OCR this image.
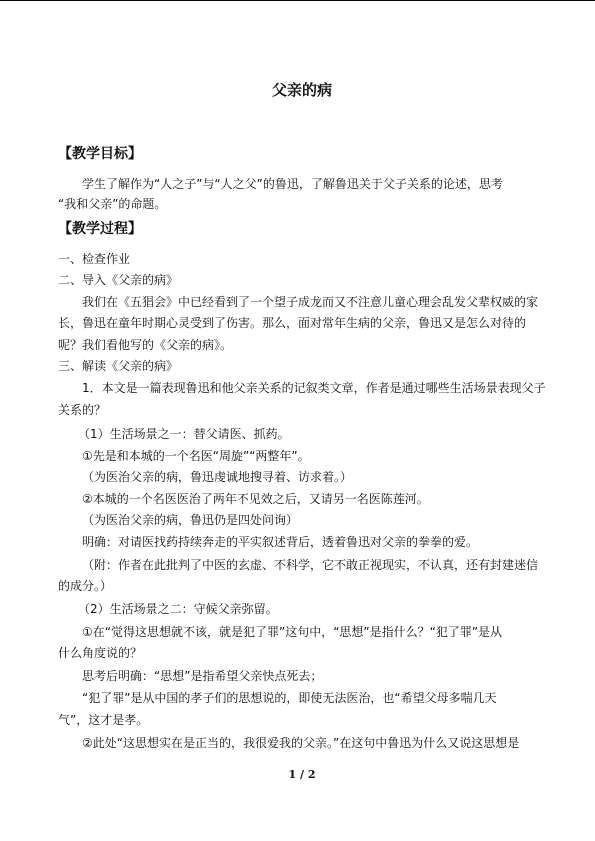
父亲的病
【教学目标】
学生了解作为“人之子”与“人之父”的鲁迅，了解鲁迅关于父子关系的论述，思考
“我和父亲”的命题。
【教学过程】
一、检查作业
二、导入《父亲的病》
我们在《五猖会》中已经看到了一个望子成龙而又不注意儿童心理会乱发父辈权威的家
长，鲁迅在童年时期心灵受到了伤害。那么，面对常年生病的父亲，鲁迅又是怎么对待的
呢？我们看他写的《父亲的病》。
三、解读《父亲的病》
1．本文是一篇表现鲁迅和他父亲关系的记叙类文章，作者是通过哪些生活场景表现父子
关系的？
（1）生活场景之一：替父请医、抓药。
①先是和本城的一个名医“周旋”“两整年”。
（为医治父亲的病，鲁迅虔诚地搜寻着、访求着。）
②本城的一个名医医治了两年不见效之后，又请另一名医陈莲河。
（为医治父亲的病，鲁迅仍是四处问询）
明确：对请医找药持续奔走的平实叙述背后，透着鲁迅对父亲的拳拳的爱。
（附：作者在此批判了中医的玄虚、不科学，它不敢正视现实，不认真，还有封建迷信
的成分。）
（2）生活场景之二：守候父亲弥留。
①在“觉得这思想就不该，就是犯了罪”这句中，“思想”是指什么？“犯了罪”是从
什么角度说的？
思考后明确：“思想”是指希望父亲快点死去；
“犯了罪”是从中国的孝子们的思想说的，即使无法医治，也“希望父母多喘几天
气”，这才是孝。
②此处“这思想实在是正当的，我很爱我的父亲。”在这句中鲁迅为什么又说这思想是
1 / 2
